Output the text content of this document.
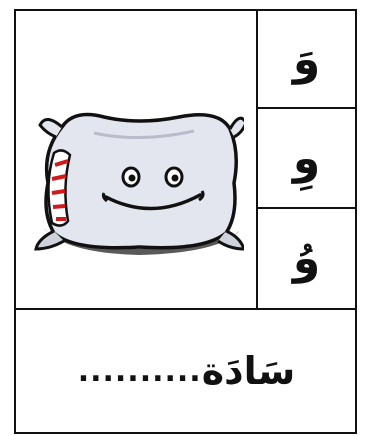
وَ
وِ
وُ
.......... سَادَة
